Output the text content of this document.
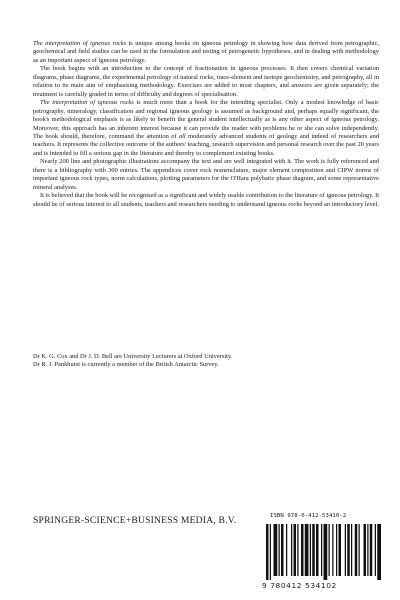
The interpretation of igneous rocks is unique among books on igneous petrology in showing how data derived from petrographic, geochemical and field studies can be used in the formulation and testing of petrogenetic hypotheses, and in dealing with methodology as an important aspect of igneous petrology.

The book begins with an introduction to the concept of fractionation in igneous processes. It then covers chemical variation diagrams, phase diagrams, the experimental petrology of natural rocks, trace-element and isotope geochemistry, and petrography, all in relation to its main aim of emphasising methodology. Exercises are added to most chapters, and answers are given separately; the treatment is carefully graded in terms of difficulty and degrees of specialisation.

The interpretation of igneous rocks is much more than a book for the intending specialist. Only a modest knowledge of basic petrography, mineralogy, classification and regional igneous geology is assumed as background and, perhaps equally significant, the book's methodological emphasis is as likely to benefit the general student intellectually as is any other aspect of igneous petrology. Moreover, this approach has an inherent interest because it can provide the reader with problems he or she can solve independently. The book should, therefore, command the attention of all moderately advanced students of geology and indeed of researchers and teachers. It represents the collective outcome of the authors' teaching, research supervision and personal research over the past 20 years and is intended to fill a serious gap in the literature and thereby to complement existing books.

Nearly 200 line and photographic illustrations accompany the text and are well integrated with it. The work is fully referenced and there is a bibliography with 300 entries. The appendices cover rock nomenclature, major element composition and CIPW norms of important igneous rock types, norm calculations, plotting parameters for the O'Hara polybaric phase diagram, and some representative mineral analyses.

It is believed that the book will be recognised as a significant and widely usable contribution to the literature of igneous petrology. It should be of serious interest to all students, teachers and researchers needing to understand igneous rocks beyond an introductory level.

Dr K. G. Cox and Dr J. D. Bell are University Lecturers at Oxford University.

Dr R. J. Pankhurst is currently a member of the British Antarctic Survey.

ISBN 978-0-412-53410-2
SPRINGER-SCIENCE+BUSINESS MEDIA, B.V.
9 780412 534102
